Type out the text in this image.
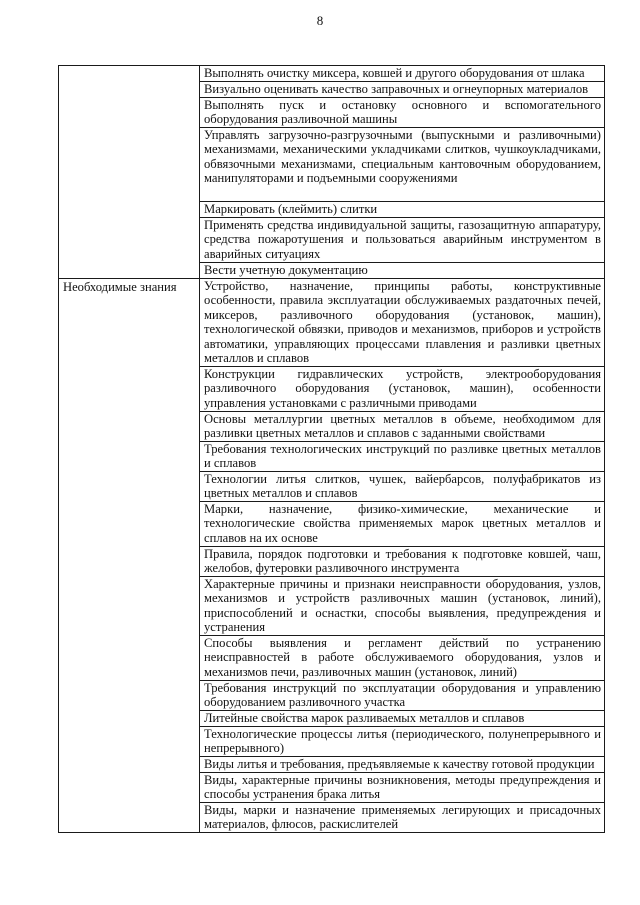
8
	Выполнять очистку миксера, ковшей и другого оборудования от шлака
	Визуально оценивать качество заправочных и огнеупорных материалов
	Выполнять пуск и остановку основного и вспомогательного оборудования разливочной машины
	Управлять загрузочно-разгрузочными (выпускными и разливочными) механизмами, механическими укладчиками слитков, чушкоукладчиками, обвязочными механизмами, специальным кантовочным оборудованием, манипуляторами и подъемными сооружениями
	Маркировать (клеймить) слитки
	Применять средства индивидуальной защиты, газозащитную аппаратуру, средства пожаротушения и пользоваться аварийным инструментом в аварийных ситуациях
	Вести учетную документацию
Необходимые знания	Устройство, назначение, принципы работы, конструктивные особенности, правила эксплуатации обслуживаемых раздаточных печей, миксеров, разливочного оборудования (установок, машин), технологической обвязки, приводов и механизмов, приборов и устройств автоматики, управляющих процессами плавления и разливки цветных металлов и сплавов
	Конструкции гидравлических устройств, электрооборудования разливочного оборудования (установок, машин), особенности управления установками с различными приводами
	Основы металлургии цветных металлов в объеме, необходимом для разливки цветных металлов и сплавов с заданными свойствами
	Требования технологических инструкций по разливке цветных металлов и сплавов
	Технологии литья слитков, чушек, вайербарсов, полуфабрикатов из цветных металлов и сплавов
	Марки, назначение, физико-химические, механические и технологические свойства применяемых марок цветных металлов и сплавов на их основе
	Правила, порядок подготовки и требования к подготовке ковшей, чаш, желобов, футеровки разливочного инструмента
	Характерные причины и признаки неисправности оборудования, узлов, механизмов и устройств разливочных машин (установок, линий), приспособлений и оснастки, способы выявления, предупреждения и устранения
	Способы выявления и регламент действий по устранению неисправностей в работе обслуживаемого оборудования, узлов и механизмов печи, разливочных машин (установок, линий)
	Требования инструкций по эксплуатации оборудования и управлению оборудованием разливочного участка
	Литейные свойства марок разливаемых металлов и сплавов
	Технологические процессы литья (периодического, полунепрерывного и непрерывного)
	Виды литья и требования, предъявляемые к качеству готовой продукции
	Виды, характерные причины возникновения, методы предупреждения и способы устранения брака литья
	Виды, марки и назначение применяемых легирующих и присадочных материалов, флюсов, раскислителей
